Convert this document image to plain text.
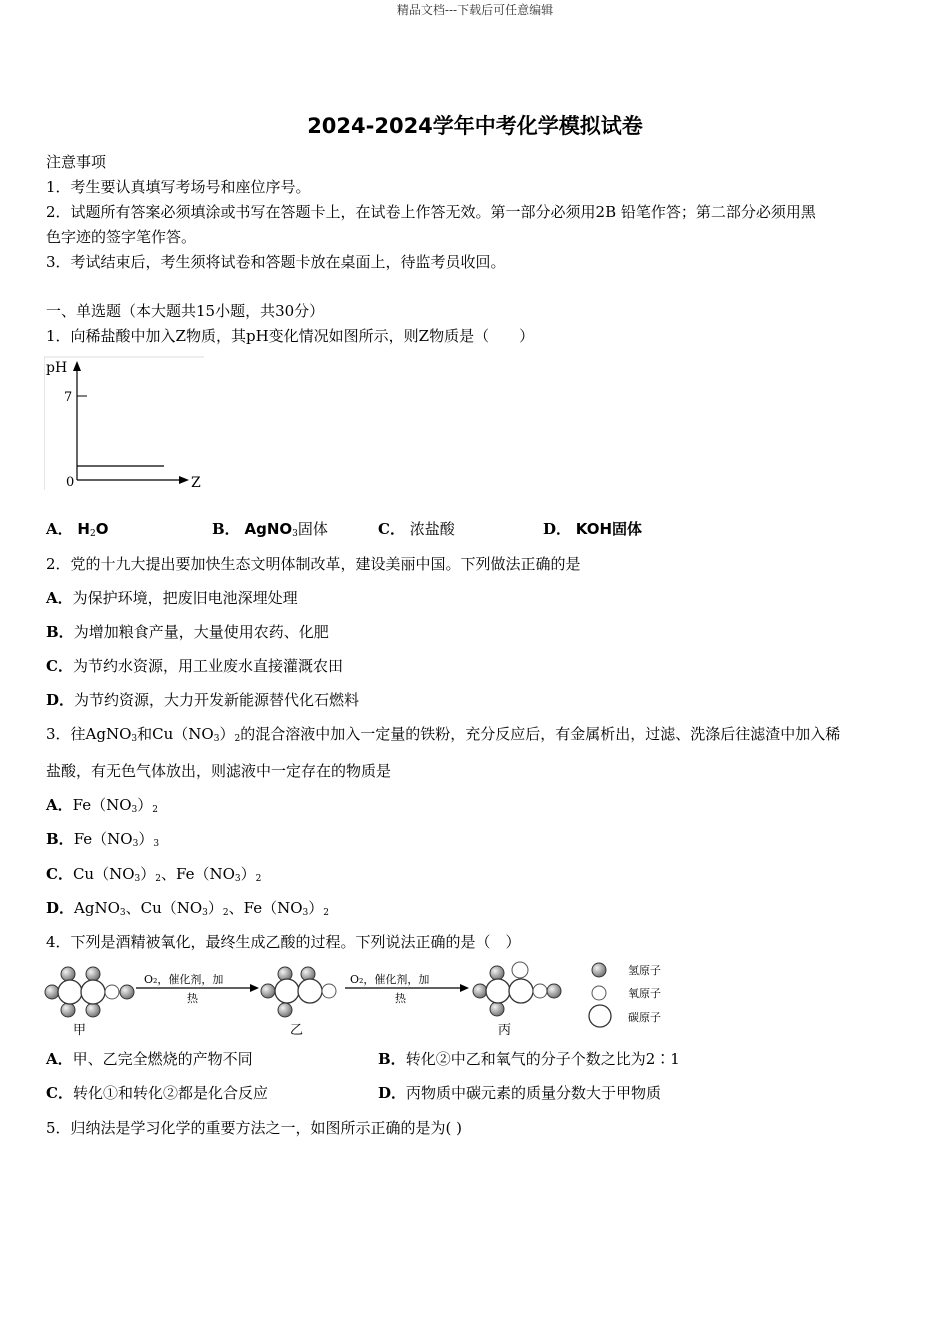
精品文档---下载后可任意编辑
2024-2024学年中考化学模拟试卷
注意事项
1．考生要认真填写考场号和座位序号。
2．试题所有答案必须填涂或书写在答题卡上，在试卷上作答无效。第一部分必须用2B 铅笔作答；第二部分必须用黑
色字迹的签字笔作答。
3．考试结束后，考生须将试卷和答题卡放在桌面上，待监考员收回。
一、单选题（本大题共15小题，共30分）
1．向稀盐酸中加入Z物质，其pH变化情况如图所示，则Z物质是（　　）
pH
7
0	Z
A． $H_2O$	B． AgNO$_3$固体	C． 浓盐酸	D． KOH固体
2．党的十九大提出要加快生态文明体制改革，建设美丽中国。下列做法正确的是
A．为保护环境，把废旧电池深埋处理
B．为增加粮食产量，大量使用农药、化肥
C．为节约水资源，用工业废水直接灌溉农田
D．为节约资源，大力开发新能源替代化石燃料
3．往AgNO$_3$和$Cu(NO_3)_2$的混合溶液中加入一定量的铁粉，充分反应后，有金属析出，过滤、洗涤后往滤渣中加入稀
盐酸，有无色气体放出，则滤液中一定存在的物质是
A．$Fe(NO_3)_2$
B．$Fe(NO_3)_3$
C．$Cu(NO_3)_2$、$Fe(NO_3)_2$
D．AgNO$_3$、$Cu(NO_3)_2$、$Fe(NO_3)_2$
4．下列是酒精被氧化，最终生成乙酸的过程。下列说法正确的是（　）
甲
O₂，催化剂，加
热
乙
O₂，催化剂，加
热
丙
氢原子
氧原子
碳原子
A．甲、乙完全燃烧的产物不同	B．转化②中乙和氧气的分子个数之比为2∶1
C．转化①和转化②都是化合反应	D．丙物质中碳元素的质量分数大于甲物质
5．归纳法是学习化学的重要方法之一，如图所示正确的是为( )
